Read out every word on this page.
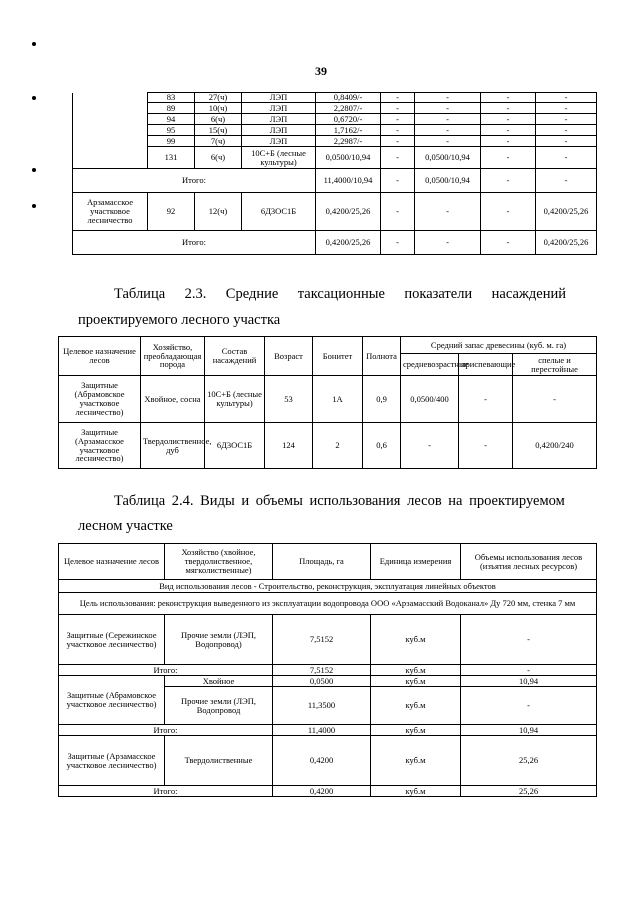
39
	83	27(ч)	ЛЭП	0,8409/-	-	-	-	-
	89	10(ч)	ЛЭП	2,2807/-	-	-	-	-
	94	6(ч)	ЛЭП	0,6720/-	-	-	-	-
	95	15(ч)	ЛЭП	1,7162/-	-	-	-	-
	99	7(ч)	ЛЭП	2,2987/-	-	-	-	-
	131	6(ч)	10С+Б (лесные культуры)	0,0500/10,94	-	0,0500/10,94	-	-
Итого:				11,4000/10,94	-	0,0500/10,94	-	-
Арзамасское участковое лесничество	92	12(ч)	6Д3ОС1Б	0,4200/25,26	-	-	-	0,4200/25,26
Итого:				0,4200/25,26	-	-	-	0,4200/25,26
Таблица 2.3. Средние таксационные показатели насаждений
проектируемого лесного участка
Целевое назначение лесов	Хозяйство, преобладающая порода	Состав насаждений	Возраст	Бонитет	Полнота	Средний запас древесины (куб. м. га)		
						средневозрастные	приспевающие	спелые и перестойные
Защитные (Абрамовское участковое лесничество)	Хвойное, сосна	10С+Б (лесные культуры)	53	1А	0,9	0,0500/400	-	-
Защитные (Арзамасское участковое лесничество)	Твердолиственное, дуб	6Д3ОС1Б	124	2	0,6	-	-	0,4200/240
Таблица 2.4. Виды и объемы использования лесов на проектируемом
лесном участке
Целевое назначение лесов	Хозяйство (хвойное, твердолиственное, мягколиственные)	Площадь, га	Единица измерения	Объемы использования лесов (изъятия лесных ресурсов)
Вид использования лесов - Строительство, реконструкция, эксплуатация линейных объектов				
Цель использования: реконструкция выведенного из эксплуатации водопровода ООО «Арзамасский Водоканал» Ду 720 мм, стенка 7 мм				
Защитные (Сережинское участковое лесничество)	Прочие земли (ЛЭП, Водопровод)	7,5152	куб.м	-
Итого:		7,5152	куб.м	-
Защитные (Абрамовское участковое лесничество)	Хвойное	0,0500	куб.м	10,94
	Прочие земли (ЛЭП, Водопровод	11,3500	куб.м	-
Итого:		11,4000	куб.м	10,94
Защитные (Арзамасское участковое лесничество)	Твердолиственные	0,4200	куб.м	25,26
Итого:		0,4200	куб.м	25,26
